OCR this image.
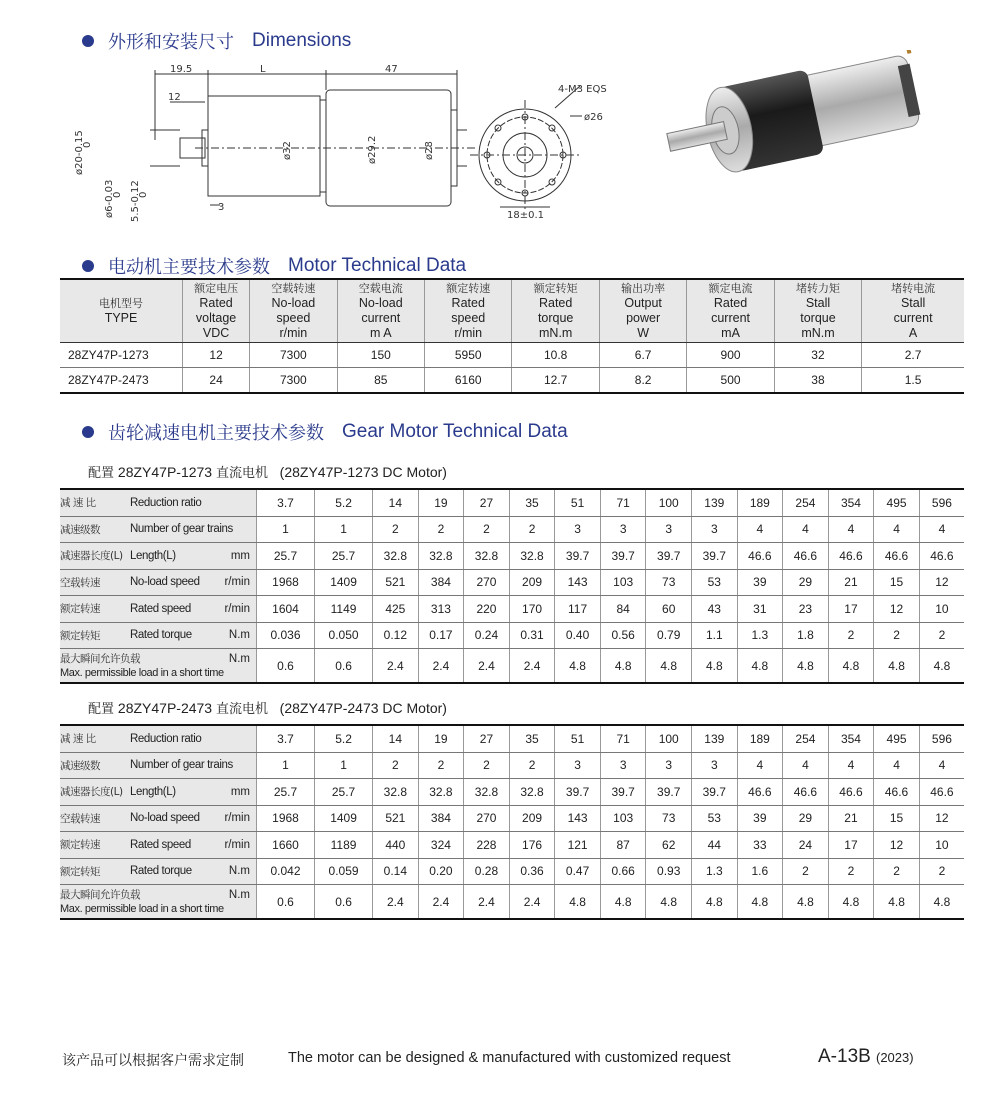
外形和安装尺寸 Dimensions
19.5	L	47
12
ø32	ø29.2	ø28
ø20-0.15
0
ø6-0.03
0 5.5-0.12
0
3
4-M3 EQS
ø26
18±0.1
电动机主要技术参数 Motor Technical Data
电机型号
TYPE	额定电压
Rated
voltage
VDC	空载转速
No-load
speed
r/min	空载电流
No-load
current
m A	额定转速
Rated
speed
r/min	额定转矩
Rated
torque
mN.m	输出功率
Output
power
W	额定电流
Rated
current
mA	堵转力矩
Stall
torque
mN.m	堵转电流
Stall
current
A

28ZY47P-1273	12	7300	150	5950	10.8	6.7	900	32	2.7
28ZY47P-2473	24	7300	85	6160	12.7	8.2	500	38	1.5
齿轮减速电机主要技术参数 Gear Motor Technical Data
配置 28ZY47P-1273 直流电机 (28ZY47P-1273 DC Motor)
减 速 比 Reduction ratio	3.7	5.2	14	19	27	35	51	71	100	139	189	254	354	495	596

减速级数 Number of gear trains	1	1	2	2	2	2	3	3	3	3	4	4	4	4	4

减速器长度(L) Length(L) mm	25.7	25.7	32.8	32.8	32.8	32.8	39.7	39.7	39.7	39.7	46.6	46.6	46.6	46.6	46.6

空载转速 No-load speed r/min	1968	1409	521	384	270	209	143	103	73	53	39	29	21	15	12

额定转速 Rated speed r/min	1604	1149	425	313	220	170	117	84	60	43	31	23	17	12	10

额定转矩 Rated torque N.m	0.036	0.050	0.12	0.17	0.24	0.31	0.40	0.56	0.79	1.1	1.3	1.8	2	2	2

最大瞬间允许负载 N.m
Max. permissible load in a short time	0.6	0.6	2.4	2.4	2.4	2.4	4.8	4.8	4.8	4.8	4.8	4.8	4.8	4.8	4.8
配置 28ZY47P-2473 直流电机 (28ZY47P-2473 DC Motor)
减 速 比 Reduction ratio	3.7	5.2	14	19	27	35	51	71	100	139	189	254	354	495	596

减速级数 Number of gear trains	1	1	2	2	2	2	3	3	3	3	4	4	4	4	4

减速器长度(L) Length(L) mm	25.7	25.7	32.8	32.8	32.8	32.8	39.7	39.7	39.7	39.7	46.6	46.6	46.6	46.6	46.6

空载转速 No-load speed r/min	1968	1409	521	384	270	209	143	103	73	53	39	29	21	15	12

额定转速 Rated speed r/min	1660	1189	440	324	228	176	121	87	62	44	33	24	17	12	10

额定转矩 Rated torque N.m	0.042	0.059	0.14	0.20	0.28	0.36	0.47	0.66	0.93	1.3	1.6	2	2	2	2

最大瞬间允许负载 N.m
Max. permissible load in a short time	0.6	0.6	2.4	2.4	2.4	2.4	4.8	4.8	4.8	4.8	4.8	4.8	4.8	4.8	4.8
该产品可以根据客户需求定制	The motor can be designed & manufactured with customized request	A-13B (2023)
